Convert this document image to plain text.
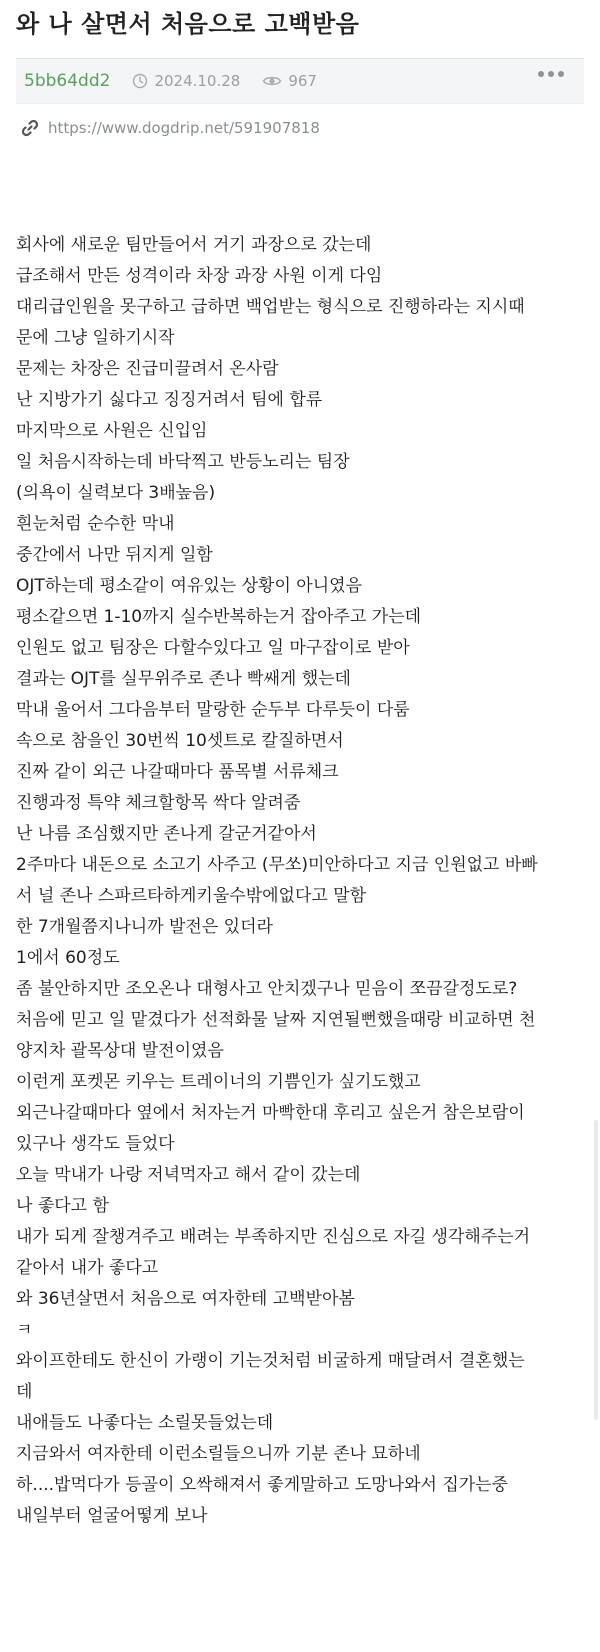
와 나 살면서 처음으로 고백받음
5bb64dd2	2024.10.28	967
https://www.dogdrip.net/591907818
회사에 새로운 팀만들어서 거기 과장으로 갔는데
급조해서 만든 성격이라 차장 과장 사원 이게 다임
대리급인원을 못구하고 급하면 백업받는 형식으로 진행하라는 지시때
문에 그냥 일하기시작
문제는 차장은 진급미끌려서 온사람
난 지방가기 싫다고 징징거려서 팀에 합류
마지막으로 사원은 신입임
일 처음시작하는데 바닥찍고 반등노리는 팀장
(의욕이 실력보다 3배높음)
흰눈처럼 순수한 막내
중간에서 나만 뒤지게 일함
OJT하는데 평소같이 여유있는 상황이 아니였음
평소같으면 1-10까지 실수반복하는거 잡아주고 가는데
인원도 없고 팀장은 다할수있다고 일 마구잡이로 받아
결과는 OJT를 실무위주로 존나 빡쌔게 했는데
막내 울어서 그다음부터 말랑한 순두부 다루듯이 다룸
속으로 참을인 30번씩 10셋트로 칼질하면서
진짜 같이 외근 나갈때마다 품목별 서류체크
진행과정 특약 체크할항목 싹다 알려줌
난 나름 조심했지만 존나게 갈군거같아서
2주마다 내돈으로 소고기 사주고 (무쏘)미안하다고 지금 인원없고 바빠
서 널 존나 스파르타하게키울수밖에없다고 말함
한 7개월쯤지나니까 발전은 있더라
1에서 60정도
좀 불안하지만 조오온나 대형사고 안치겠구나 믿음이 쪼끔갈정도로?
처음에 믿고 일 맡겼다가 선적화물 날짜 지연될뻔했을때랑 비교하면 천
양지차 괄목상대 발전이였음
이런게 포켓몬 키우는 트레이너의 기쁨인가 싶기도했고
외근나갈때마다 옆에서 처자는거 마빡한대 후리고 싶은거 참은보람이
있구나 생각도 들었다
오늘 막내가 나랑 저녁먹자고 해서 같이 갔는데
나 좋다고 함
내가 되게 잘챙겨주고 배려는 부족하지만 진심으로 자길 생각해주는거
같아서 내가 좋다고
와 36년살면서 처음으로 여자한테 고백받아봄
ㅋ
와이프한테도 한신이 가랭이 기는것처럼 비굴하게 매달려서 결혼했는
데
내애들도 나좋다는 소릴못들었는데
지금와서 여자한테 이런소릴들으니까 기분 존나 묘하네
하....밥먹다가 등골이 오싹해져서 좋게말하고 도망나와서 집가는중
내일부터 얼굴어떻게 보나
